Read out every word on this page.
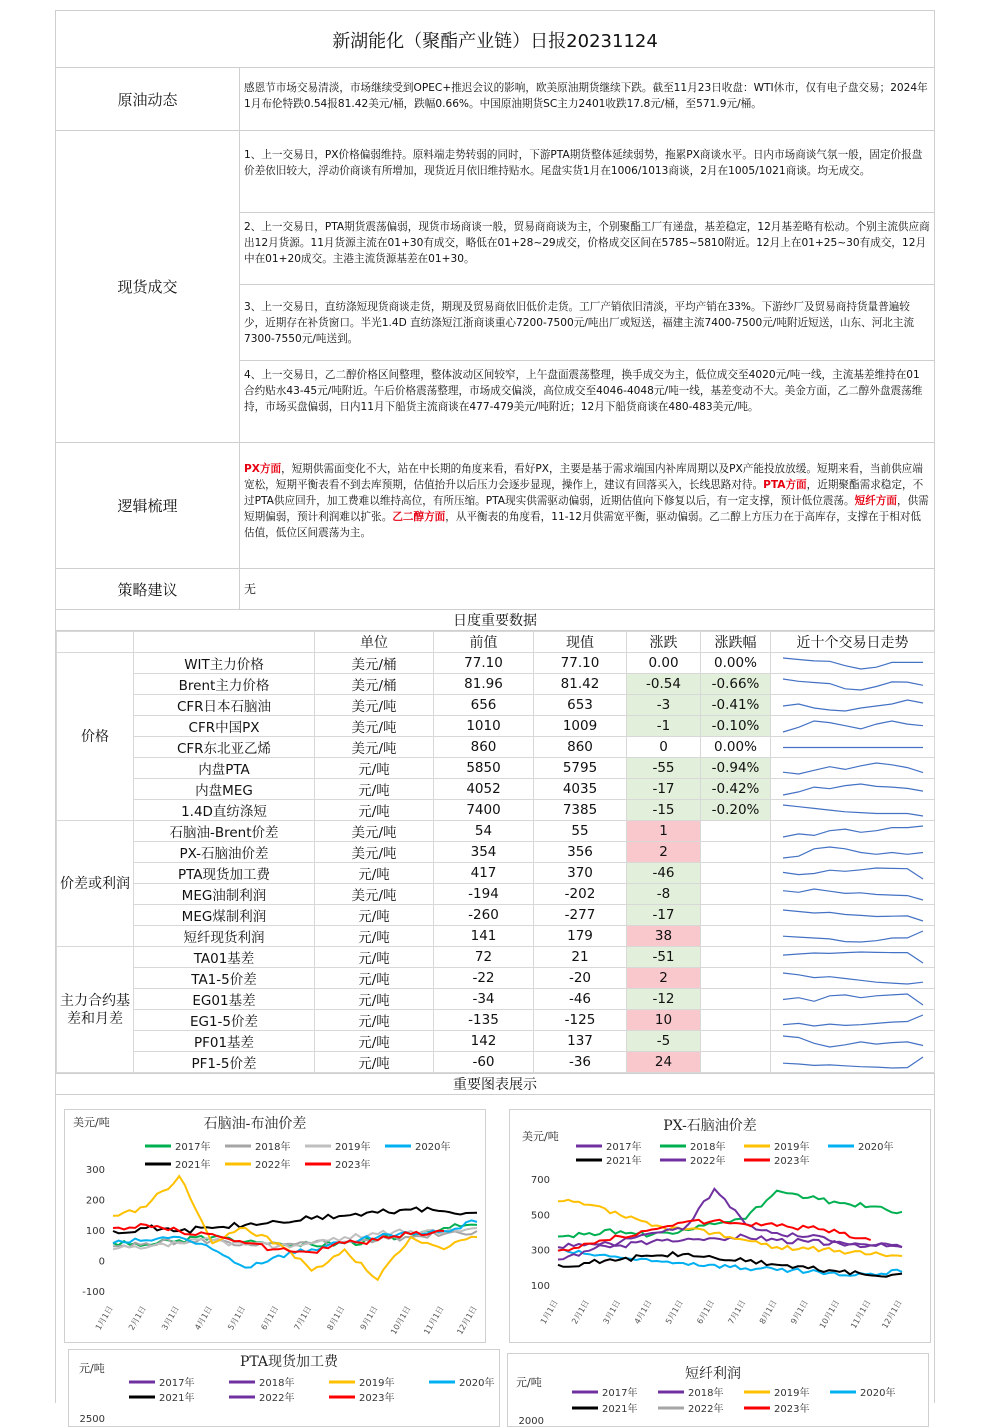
新湖能化（聚酯产业链）日报20231124
原油动态

感恩节市场交易清淡，市场继续受到OPEC+推迟会议的影响，欧美原油期货继续下跌。截至11月23日收盘：WTI休市，仅有电子盘交易；2024年1月布伦特跌0.54报81.42美元/桶，跌幅0.66%。中国原油期货SC主力2401收跌17.8元/桶，至571.9元/桶。

现货成交
1、上一交易日，PX价格偏弱维持。原料端走势转弱的同时，下游PTA期货整体延续弱势，拖累PX商谈水平。日内市场商谈气氛一般，固定价报盘价差依旧较大，浮动价商谈有所增加，现货近月依旧维持贴水。尾盘实货1月在1006/1013商谈，2月在1005/1021商谈。均无成交。
2、上一交易日，PTA期货震荡偏弱，现货市场商谈一般，贸易商商谈为主，个别聚酯工厂有递盘，基差稳定，12月基差略有松动。个别主流供应商出12月货源。11月货源主流在01+30有成交，略低在01+28~29成交，价格成交区间在5785~5810附近。12月上在01+25~30有成交，12月中在01+20成交。主港主流货源基差在01+30。
3、上一交易日，直纺涤短现货商谈走货，期现及贸易商依旧低价走货。工厂产销依旧清淡，平均产销在33%。下游纱厂及贸易商持货量普遍较少，近期存在补货窗口。半光1.4D 直纺涤短江浙商谈重心7200-7500元/吨出厂或短送，福建主流7400-7500元/吨附近短送，山东、河北主流7300-7550元/吨送到。
4、上一交易日，乙二醇价格区间整理，整体波动区间较窄，上午盘面震荡整理，换手成交为主，低位成交至4020元/吨一线，主流基差维持在01合约贴水43-45元/吨附近。午后价格震荡整理，市场成交偏淡，高位成交至4046-4048元/吨一线，基差变动不大。美金方面，乙二醇外盘震荡维持，市场买盘偏弱，日内11月下船货主流商谈在477-479美元/吨附近；12月下船货商谈在480-483美元/吨。
逻辑梳理

PX方面，短期供需面变化不大，站在中长期的角度来看，看好PX，主要是基于需求端国内补库周期以及PX产能投放放缓。短期来看，当前供应端宽松，短期平衡表看不到去库预期，估值抬升以后压力会逐步显现，操作上，建议有回落买入，长线思路对待。PTA方面，近期聚酯需求稳定，不过PTA供应回升，加工费难以维持高位，有所压缩。PTA现实供需驱动偏弱，近期估值向下修复以后，有一定支撑，预计低位震荡。短纤方面，供需短期偏弱，预计利润难以扩张。乙二醇方面，从平衡表的角度看，11-12月供需宽平衡，驱动偏弱。乙二醇上方压力在于高库存，支撑在于相对低估值，低位区间震荡为主。

策略建议	无
日度重要数据
		单位	前值	现值	涨跌	涨跌幅	近十个交易日走势
价格	WIT主力价格	美元/桶	77.10	77.10	0.00	0.00%	

	Brent主力价格	美元/桶	81.96	81.42	-0.54	-0.66%	

	CFR日本石脑油	美元/吨	656	653	-3	-0.41%	

	CFR中国PX	美元/吨	1010	1009	-1	-0.10%	

	CFR东北亚乙烯	美元/吨	860	860	0	0.00%	

	内盘PTA	元/吨	5850	5795	-55	-0.94%	

	内盘MEG	元/吨	4052	4035	-17	-0.42%	

	1.4D直纺涤短	元/吨	7400	7385	-15	-0.20%	

价差或利润	石脑油-Brent价差	美元/吨	54	55	1		

	PX-石脑油价差	美元/吨	354	356	2		

	PTA现货加工费	元/吨	417	370	-46		

	MEG油制利润	美元/吨	-194	-202	-8		

	MEG煤制利润	元/吨	-260	-277	-17		

	短纤现货利润	元/吨	141	179	38		

主力合约基差和月差	TA01基差	元/吨	72	21	-51		

	TA1-5价差	元/吨	-22	-20	2		

	EG01基差	元/吨	-34	-46	-12		

	EG1-5价差	元/吨	-135	-125	10		

	PF01基差	元/吨	142	137	-5		

	PF1-5价差	元/吨	-60	-36	24		
重要图表展示
石脑油-布油价差
美元/吨
2017年	2018年	2019年	2020年
2021年	2022年	2023年
300
200
100
0
-100
1月1日 2月1日 3月1日 4月1日 5月1日 6月1日 7月1日 8月1日 9月1日 10月1日 11月1日 12月1日
PX-石脑油价差
美元/吨
2017年	2018年	2019年	2020年
2021年	2022年	2023年
700
500
300
100
1月1日 2月1日 3月1日 4月1日 5月1日 6月1日 7月1日 8月1日 9月1日 10月1日 11月1日 12月1日
PTA现货加工费
元/吨
2017年	2018年	2019年	2020年
2021年	2022年	2023年
2500
短纤利润
元/吨
2017年	2018年	2019年	2020年
2021年	2022年	2023年
2000
